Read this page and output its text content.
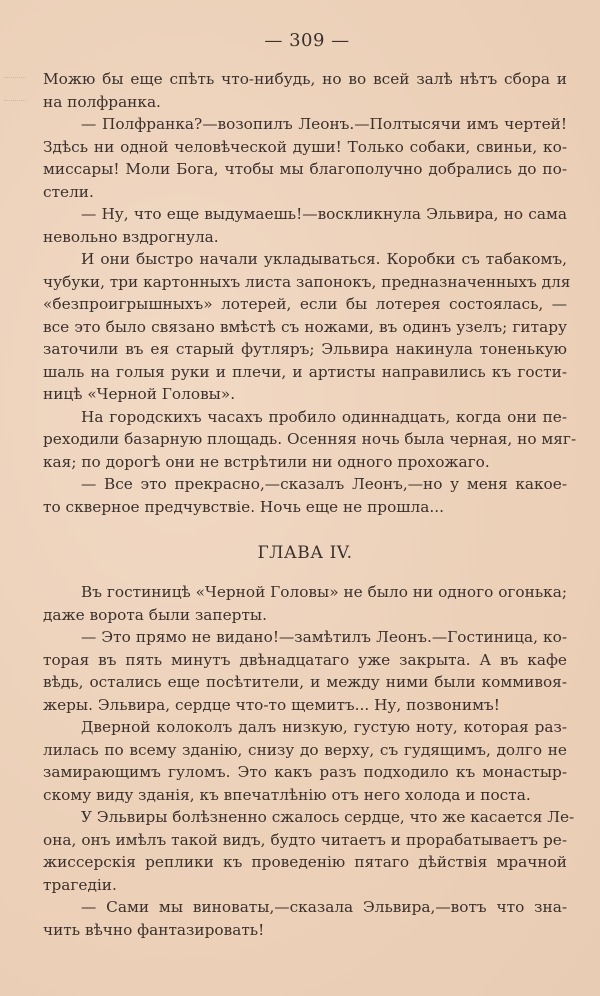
— 309 —
Можю бы еще спѣть что-нибудь, но во всей залѣ нѣтъ сбора и
на полфранка.
— Полфранка?—возопилъ Леонъ.—Полтысячи имъ чертей!
Здѣсь ни одной человѣческой души! Только собаки, свиньи, ко-
миссары! Моли Бога, чтобы мы благополучно добрались до по-
стели.
— Ну, что еще выдумаешь!—воскликнула Эльвира, но сама
невольно вздрогнула.
И они быстро начали укладываться. Коробки съ табакомъ,
чубуки, три картонныхъ листа запонокъ, предназначенныхъ для
«безпроигрышныхъ» лотерей, если бы лотерея состоялась, —
все это было связано вмѣстѣ съ ножами, въ одинъ узелъ; гитару
заточили въ ея старый футляръ; Эльвира накинула тоненькую
шаль на голыя руки и плечи, и артисты направились къ гости-
ницѣ «Черной Головы».
На городскихъ часахъ пробило одиннадцать, когда они пе-
реходили базарную площадь. Осенняя ночь была черная, но мяг-
кая; по дорогѣ они не встрѣтили ни одного прохожаго.
— Все это прекрасно,—сказалъ Леонъ,—но у меня какое-
то скверное предчувствіе. Ночь еще не прошла...
ГЛАВА IV.
Въ гостиницѣ «Черной Головы» не было ни одного огонька;
даже ворота были заперты.
— Это прямо не видано!—замѣтилъ Леонъ.—Гостиница, ко-
торая въ пять минутъ двѣнадцатаго уже закрыта. А въ кафе
вѣдь, остались еще посѣтители, и между ними были коммивоя-
жеры. Эльвира, сердце что-то щемитъ... Ну, позвонимъ!
Дверной колоколъ далъ низкую, густую ноту, которая раз-
лилась по всему зданію, снизу до верху, съ гудящимъ, долго не
замирающимъ гуломъ. Это какъ разъ подходило къ монастыр-
скому виду зданія, къ впечатлѣнію отъ него холода и поста.
У Эльвиры болѣзненно сжалось сердце, что же касается Ле-
она, онъ имѣлъ такой видъ, будто читаетъ и прорабатываетъ ре-
жиссерскія реплики къ проведенію пятаго дѣйствія мрачной
трагедіи.
— Сами мы виноваты,—сказала Эльвира,—вотъ что зна-
чить вѣчно фантазировать!
